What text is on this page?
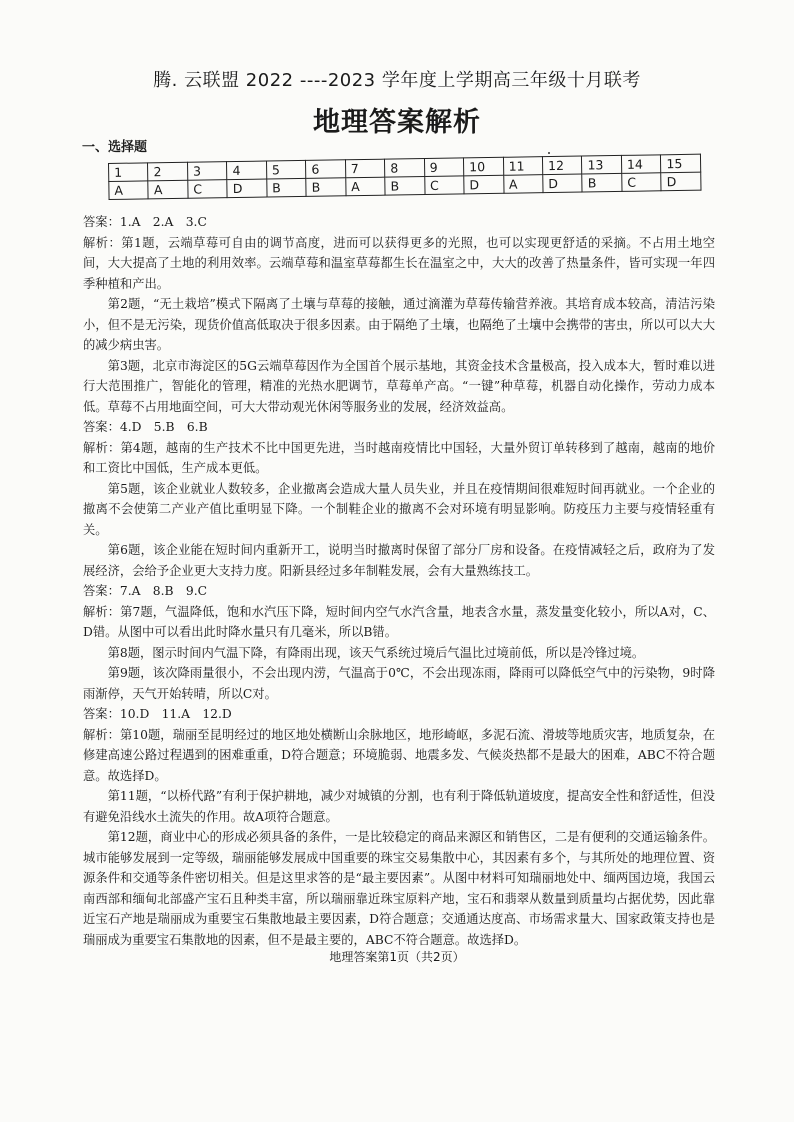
腾. 云联盟 2022 ----2023 学年度上学期高三年级十月联考
地理答案解析
一、选择题
1	2	3	4	5	6	7	8	9	10	11	12	13	14	15
A	A	C	D	B	B	A	B	C	D	A	D	B	C	D

答案：1.A　2.A　3.C

解析：第1题，云端草莓可自由的调节高度，进而可以获得更多的光照，也可以实现更舒适的采摘。不占用土地空间，大大提高了土地的利用效率。云端草莓和温室草莓都生长在温室之中，大大的改善了热量条件，皆可实现一年四季种植和产出。

第2题，“无土栽培”模式下隔离了土壤与草莓的接触，通过滴灌为草莓传输营养液。其培育成本较高，清洁污染小，但不是无污染，现货价值高低取决于很多因素。由于隔绝了土壤，也隔绝了土壤中会携带的害虫，所以可以大大的减少病虫害。

第3题，北京市海淀区的5G云端草莓因作为全国首个展示基地，其资金技术含量极高，投入成本大，暂时难以进行大范围推广，智能化的管理，精准的光热水肥调节，草莓单产高。“一键”种草莓，机器自动化操作，劳动力成本低。草莓不占用地面空间，可大大带动观光休闲等服务业的发展，经济效益高。

答案：4.D　5.B　6.B

解析：第4题，越南的生产技术不比中国更先进，当时越南疫情比中国轻，大量外贸订单转移到了越南，越南的地价和工资比中国低，生产成本更低。

第5题，该企业就业人数较多，企业撤离会造成大量人员失业，并且在疫情期间很难短时间再就业。一个企业的撤离不会使第二产业产值比重明显下降。一个制鞋企业的撤离不会对环境有明显影响。防疫压力主要与疫情轻重有关。

第6题，该企业能在短时间内重新开工，说明当时撤离时保留了部分厂房和设备。在疫情减轻之后，政府为了发展经济，会给予企业更大支持力度。阳新县经过多年制鞋发展，会有大量熟练技工。

答案：7.A　8.B　9.C

解析：第7题，气温降低，饱和水汽压下降，短时间内空气水汽含量，地表含水量，蒸发量变化较小，所以A对，C、D错。从图中可以看出此时降水量只有几毫米，所以B错。

第8题，图示时间内气温下降，有降雨出现，该天气系统过境后气温比过境前低，所以是冷锋过境。

第9题，该次降雨量很小，不会出现内涝，气温高于0℃，不会出现冻雨，降雨可以降低空气中的污染物，9时降雨渐停，天气开始转晴，所以C对。

答案：10.D　11.A　12.D

解析：第10题，瑞丽至昆明经过的地区地处横断山余脉地区，地形崎岖，多泥石流、滑坡等地质灾害，地质复杂，在修建高速公路过程遇到的困难重重，D符合题意；环境脆弱、地震多发、气候炎热都不是最大的困难，ABC不符合题意。故选择D。

第11题，“以桥代路”有利于保护耕地，减少对城镇的分割，也有利于降低轨道坡度，提高安全性和舒适性，但没有避免沿线水土流失的作用。故A项符合题意。

第12题，商业中心的形成必须具备的条件，一是比较稳定的商品来源区和销售区，二是有便利的交通运输条件。城市能够发展到一定等级，瑞丽能够发展成中国重要的珠宝交易集散中心，其因素有多个，与其所处的地理位置、资源条件和交通等条件密切相关。但是这里求答的是“最主要因素”。从图中材料可知瑞丽地处中、缅两国边境，我国云南西部和缅甸北部盛产宝石且种类丰富，所以瑞丽靠近珠宝原料产地，宝石和翡翠从数量到质量均占据优势，因此靠近宝石产地是瑞丽成为重要宝石集散地最主要因素，D符合题意；交通通达度高、市场需求量大、国家政策支持也是瑞丽成为重要宝石集散地的因素，但不是最主要的，ABC不符合题意。故选择D。

地理答案第1页（共2页）
